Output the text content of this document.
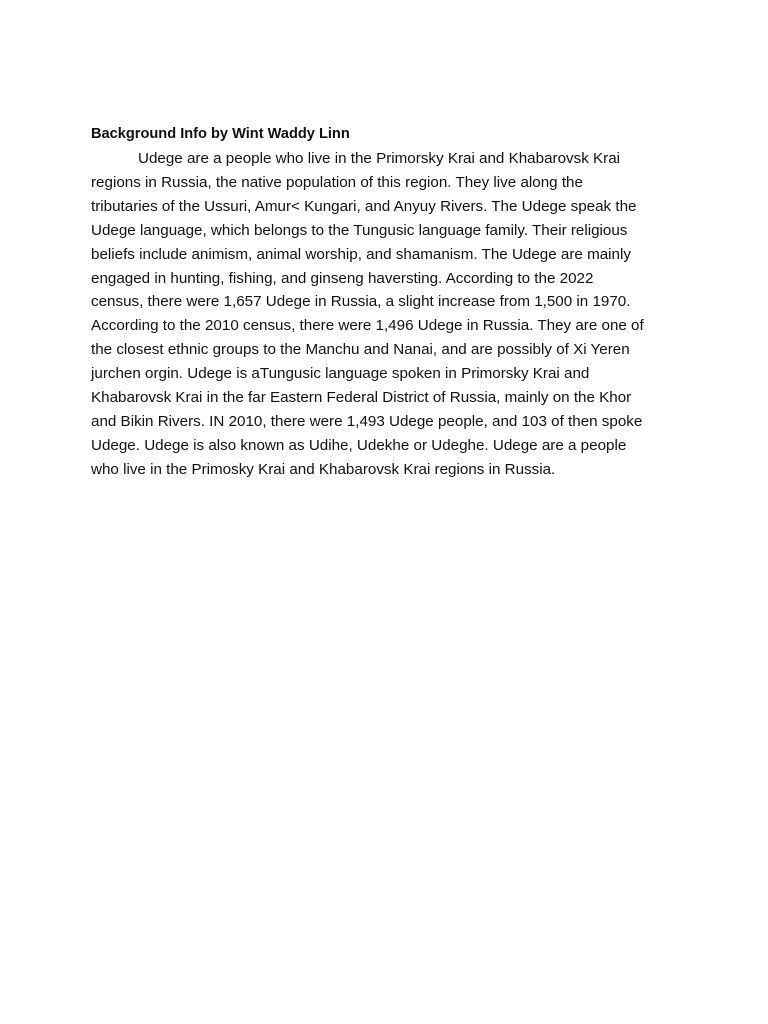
Background Info by Wint Waddy Linn
Udege are a people who live in the Primorsky Krai and Khabarovsk Krai
regions in Russia, the native population of this region. They live along the
tributaries of the Ussuri, Amur< Kungari, and Anyuy Rivers. The Udege speak the
Udege language, which belongs to the Tungusic language family. Their religious
beliefs include animism, animal worship, and shamanism. The Udege are mainly
engaged in hunting, fishing, and ginseng haversting. According to the 2022
census, there were 1,657 Udege in Russia, a slight increase from 1,500 in 1970.
According to the 2010 census, there were 1,496 Udege in Russia. They are one of
the closest ethnic groups to the Manchu and Nanai, and are possibly of Xi Yeren
jurchen orgin. Udege is aTungusic language spoken in Primorsky Krai and
Khabarovsk Krai in the far Eastern Federal District of Russia, mainly on the Khor
and Bikin Rivers. IN 2010, there were 1,493 Udege people, and 103 of then spoke
Udege. Udege is also known as Udihe, Udekhe or Udeghe. Udege are a people
who live in the Primosky Krai and Khabarovsk Krai regions in Russia.
